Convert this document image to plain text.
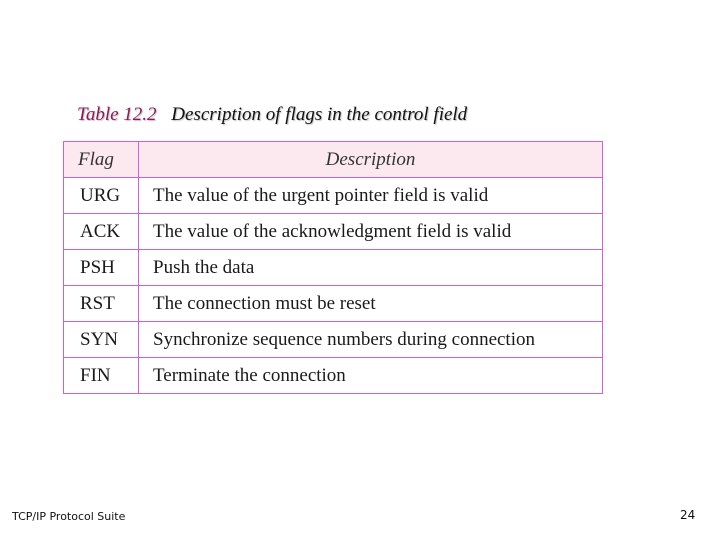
Table 12.2 Description of flags in the control field
Flag	Description
URG	The value of the urgent pointer field is valid
ACK	The value of the acknowledgment field is valid
PSH	Push the data
RST	The connection must be reset
SYN	Synchronize sequence numbers during connection
FIN	Terminate the connection
TCP/IP Protocol Suite	24
